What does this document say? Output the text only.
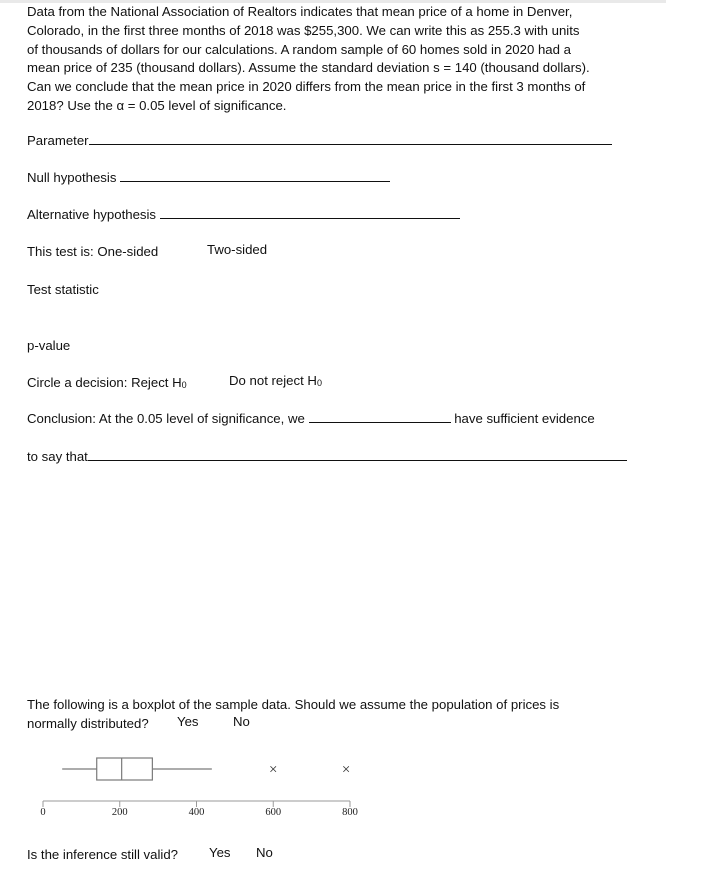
Data from the National Association of Realtors indicates that mean price of a home in Denver,
Colorado, in the first three months of 2018 was $255,300. We can write this as 255.3 with units
of thousands of dollars for our calculations. A random sample of 60 homes sold in 2020 had a
mean price of 235 (thousand dollars). Assume the standard deviation s = 140 (thousand dollars).
Can we conclude that the mean price in 2020 differs from the mean price in the first 3 months of
2018? Use the α = 0.05 level of significance.
Parameter
Null hypothesis
Alternative hypothesis
This test is: One-sided	Two-sided
Test statistic
p-value
Circle a decision: Reject H0	Do not reject H0
Conclusion: At the 0.05 level of significance, we	have sufficient evidence
to say that
The following is a boxplot of the sample data. Should we assume the population of prices is
normally distributed? Yes	No
×	×
0	200	400	600	800
Is the inference still valid? Yes No
